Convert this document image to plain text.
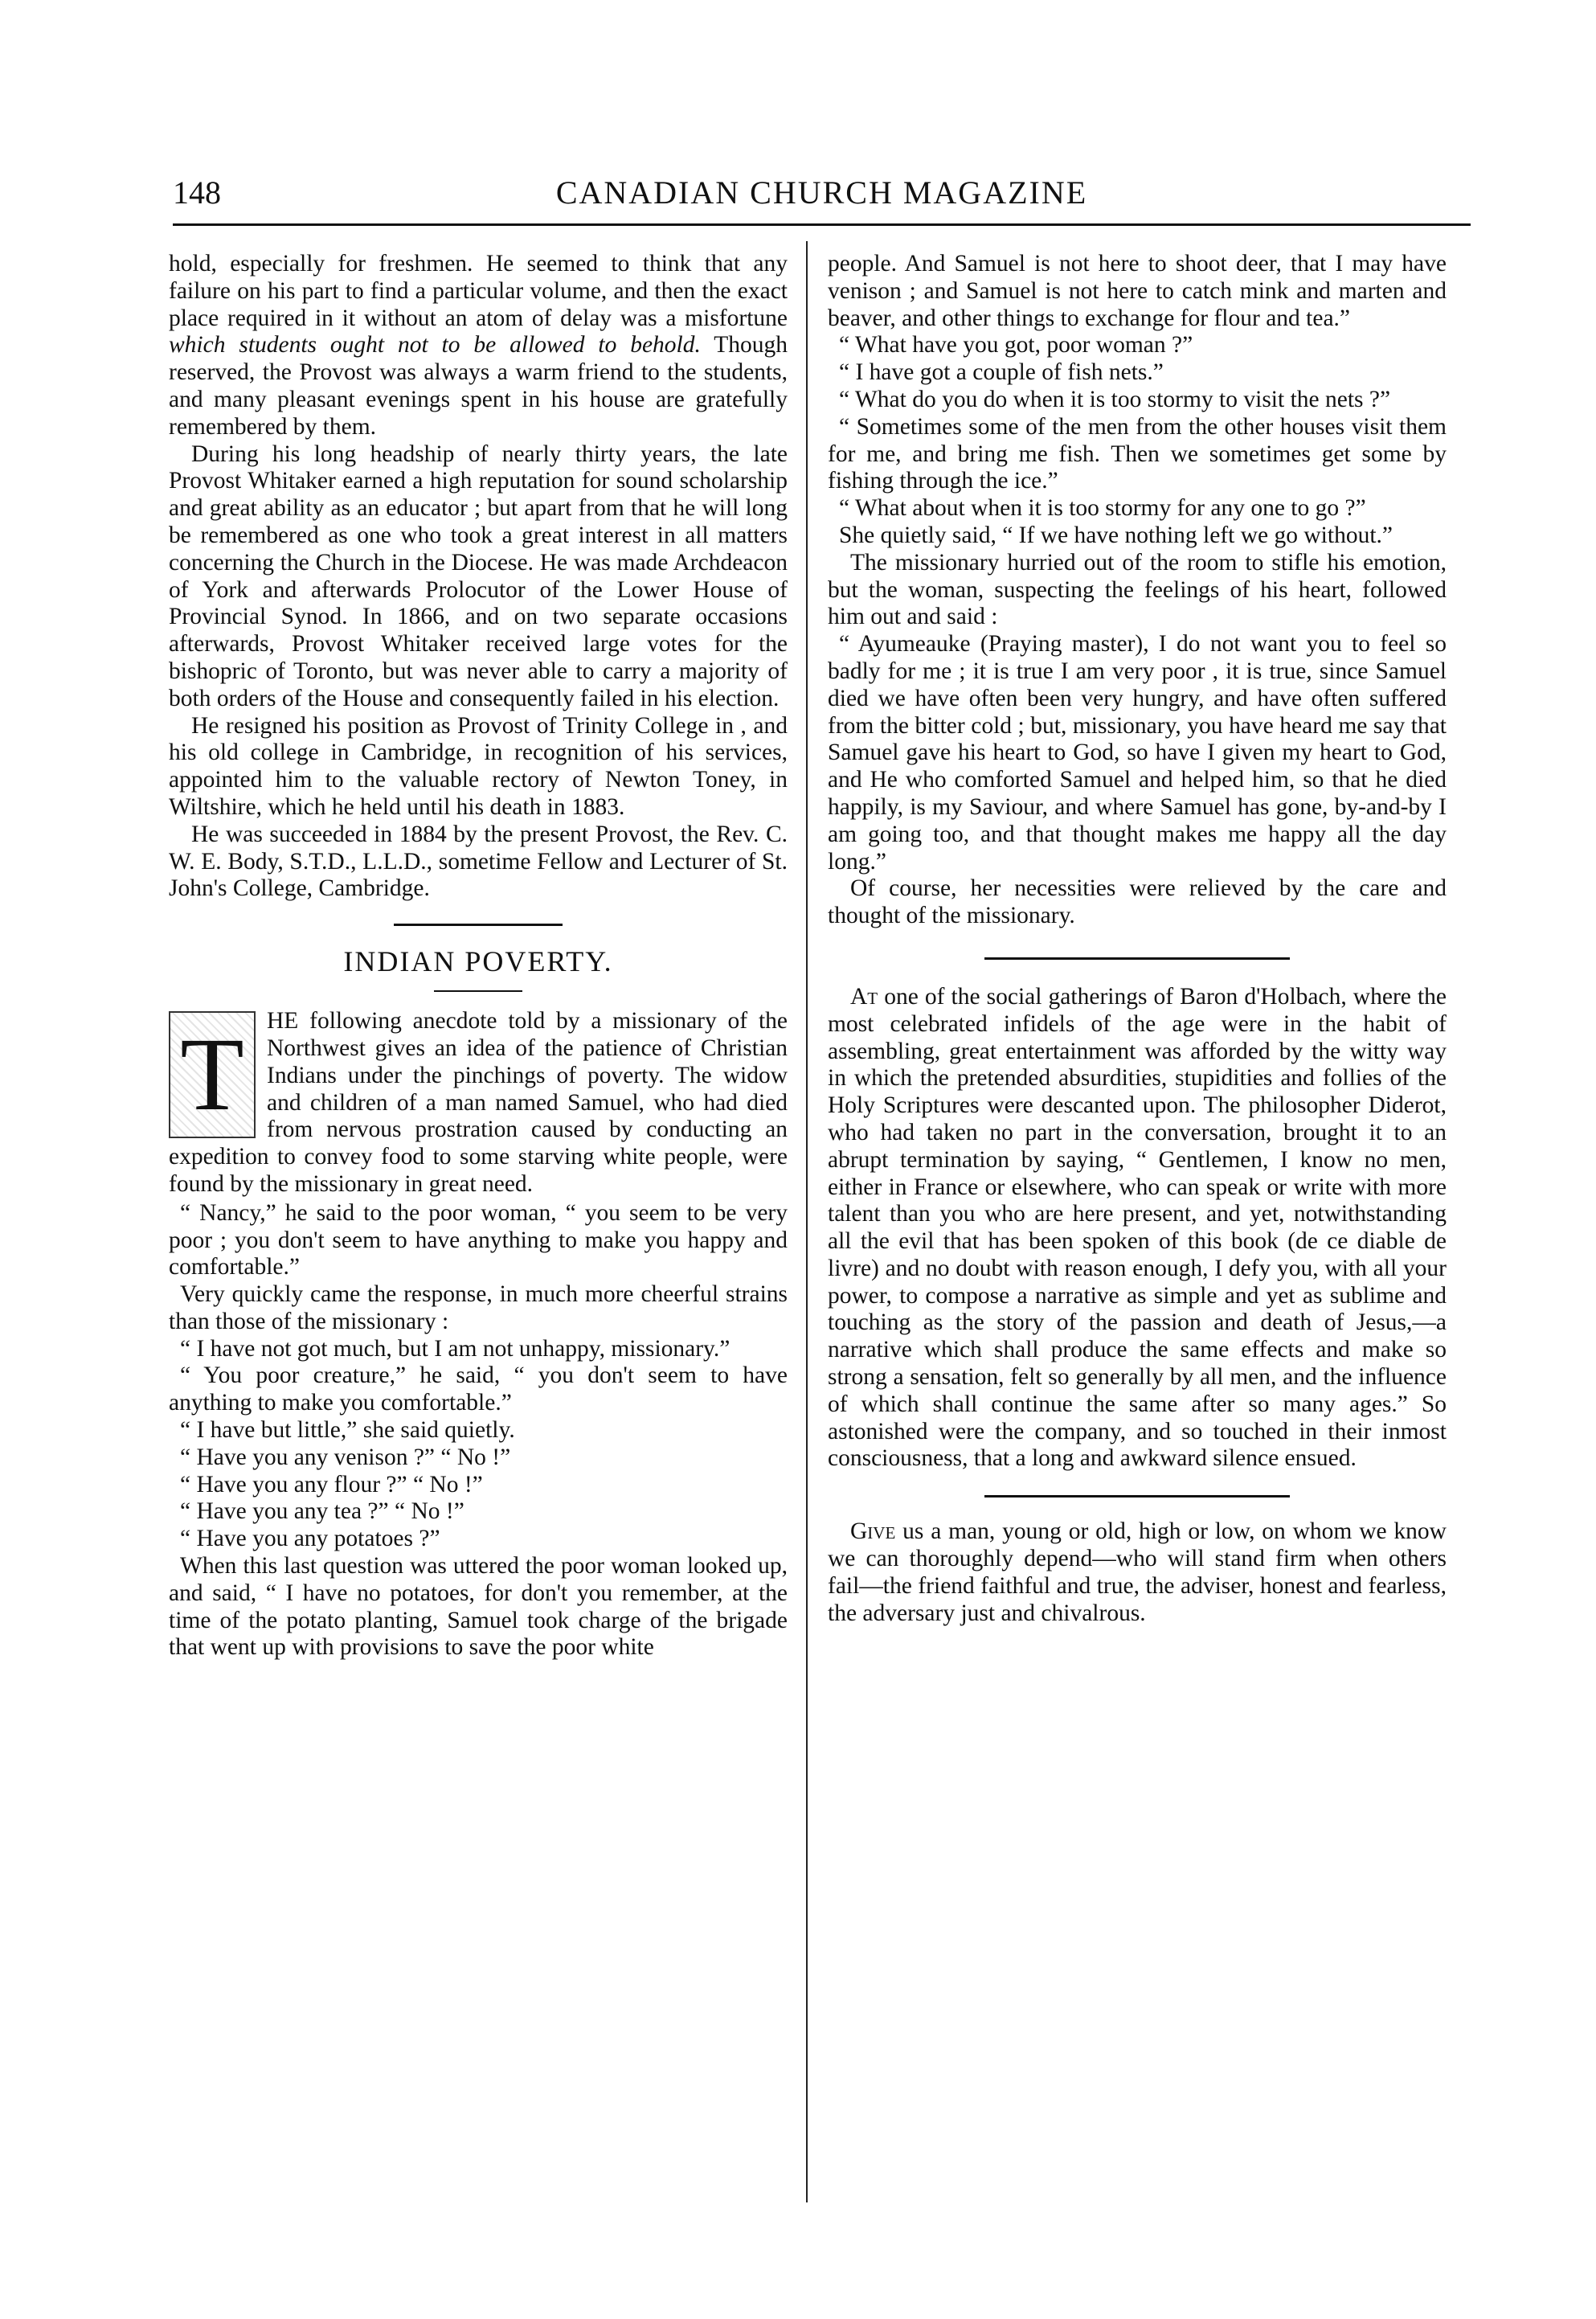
148	CANADIAN CHURCH MAGAZINE

hold, especially for freshmen. He seemed to think that any failure on his part to find a particular volume, and then the exact place required in it without an atom of delay was a misfortune which students ought not to be allowed to behold. Though reserved, the Provost was always a warm friend to the students, and many pleasant evenings spent in his house are gratefully remembered by them.

During his long headship of nearly thirty years, the late Provost Whitaker earned a high reputation for sound scholarship and great ability as an educator ; but apart from that he will long be remembered as one who took a great interest in all matters concerning the Church in the Diocese. He was made Archdeacon of York and afterwards Prolocutor of the Lower House of Provincial Synod. In 1866, and on two separate occasions afterwards, Provost Whitaker received large votes for the bishopric of Toronto, but was never able to carry a majority of both orders of the House and consequently failed in his election.

He resigned his position as Provost of Trinity College in , and his old college in Cambridge, in recognition of his services, appointed him to the valuable rectory of Newton Toney, in Wiltshire, which he held until his death in 1883.

He was succeeded in 1884 by the present Provost, the Rev. C. W. E. Body, S.T.D., L.L.D., sometime Fellow and Lecturer of St. John's College, Cambridge.

INDIAN POVERTY.
T HE following anecdote told by a missionary of the Northwest gives an idea of the patience of Christian Indians under the pinchings of poverty. The widow and children of a man named Samuel, who had died from nervous prostration caused by conducting an expedition to convey food to some starving white people, were found by the missionary in great need.

“ Nancy,” he said to the poor woman, “ you seem to be very poor ; you don't seem to have anything to make you happy and comfortable.”

Very quickly came the response, in much more cheerful strains than those of the missionary :

“ I have not got much, but I am not unhappy, missionary.”

“ You poor creature,” he said, “ you don't seem to have anything to make you comfortable.”

“ I have but little,” she said quietly.

“ Have you any venison ?” “ No !”

“ Have you any flour ?” “ No !”

“ Have you any tea ?” “ No !”

“ Have you any potatoes ?”

When this last question was uttered the poor woman looked up, and said, “ I have no potatoes, for don't you remember, at the time of the potato planting, Samuel took charge of the brigade that went up with provisions to save the poor white

people. And Samuel is not here to shoot deer, that I may have venison ; and Samuel is not here to catch mink and marten and beaver, and other things to exchange for flour and tea.”

“ What have you got, poor woman ?”

“ I have got a couple of fish nets.”

“ What do you do when it is too stormy to visit the nets ?”

“ Sometimes some of the men from the other houses visit them for me, and bring me fish. Then we sometimes get some by fishing through the ice.”

“ What about when it is too stormy for any one to go ?”

She quietly said, “ If we have nothing left we go without.”

The missionary hurried out of the room to stifle his emotion, but the woman, suspecting the feelings of his heart, followed him out and said :

“ Ayumeauke (Praying master), I do not want you to feel so badly for me ; it is true I am very poor , it is true, since Samuel died we have often been very hungry, and have often suffered from the bitter cold ; but, missionary, you have heard me say that Samuel gave his heart to God, so have I given my heart to God, and He who comforted Samuel and helped him, so that he died happily, is my Saviour, and where Samuel has gone, by-and-by I am going too, and that thought makes me happy all the day long.”

Of course, her necessities were relieved by the care and thought of the missionary.

At one of the social gatherings of Baron d'Holbach, where the most celebrated infidels of the age were in the habit of assembling, great entertainment was afforded by the witty way in which the pretended absurdities, stupidities and follies of the Holy Scriptures were descanted upon. The philosopher Diderot, who had taken no part in the conversation, brought it to an abrupt termination by saying, “ Gentlemen, I know no men, either in France or elsewhere, who can speak or write with more talent than you who are here present, and yet, notwithstanding all the evil that has been spoken of this book (de ce diable de livre) and no doubt with reason enough, I defy you, with all your power, to compose a narrative as simple and yet as sublime and touching as the story of the passion and death of Jesus,—a narrative which shall produce the same effects and make so strong a sensation, felt so generally by all men, and the influence of which shall continue the same after so many ages.” So astonished were the company, and so touched in their inmost consciousness, that a long and awkward silence ensued.

Give us a man, young or old, high or low, on whom we know we can thoroughly depend—who will stand firm when others fail—the friend faithful and true, the adviser, honest and fearless, the adversary just and chivalrous.
